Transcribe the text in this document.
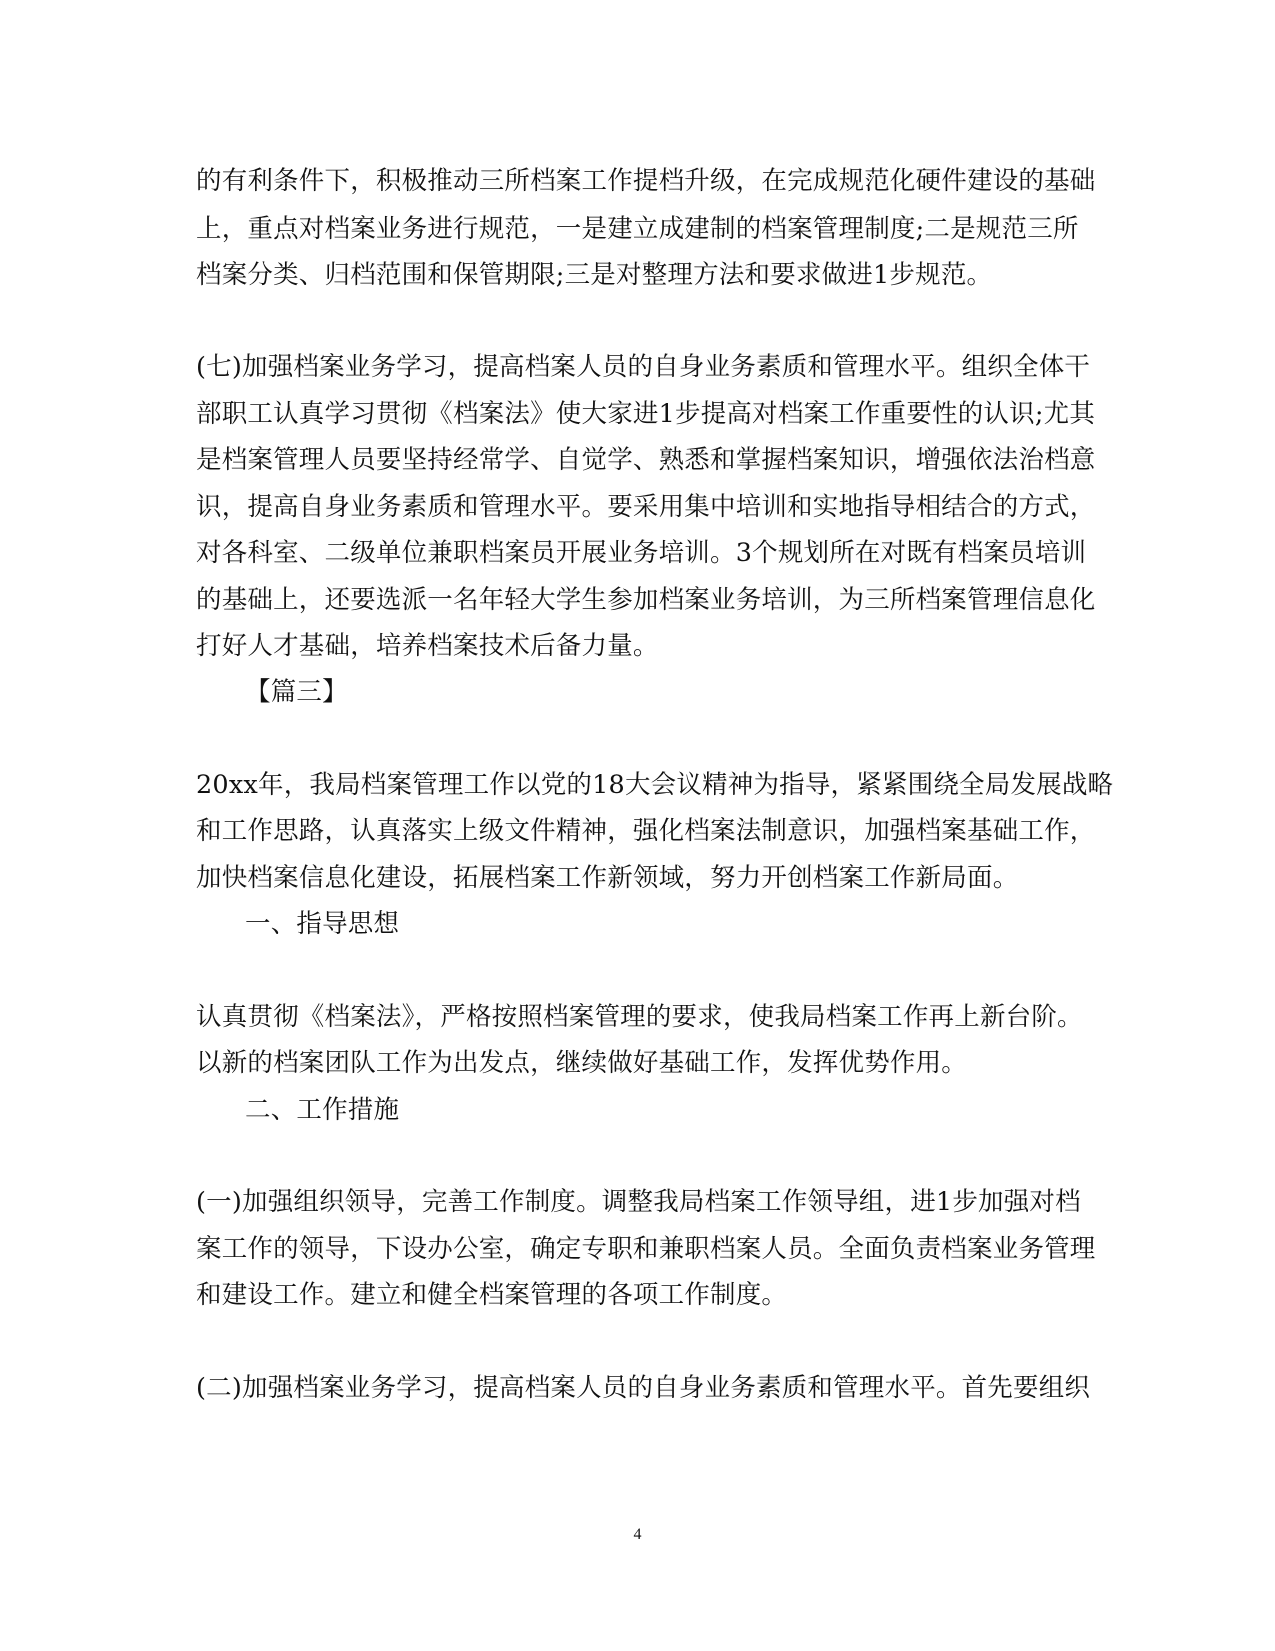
的有利条件下，积极推动三所档案工作提档升级，在完成规范化硬件建设的基础
上，重点对档案业务进行规范，一是建立成建制的档案管理制度;二是规范三所
档案分类、归档范围和保管期限;三是对整理方法和要求做进1步规范。
(七)加强档案业务学习，提高档案人员的自身业务素质和管理水平。组织全体干
部职工认真学习贯彻《档案法》使大家进1步提高对档案工作重要性的认识;尤其
是档案管理人员要坚持经常学、自觉学、熟悉和掌握档案知识，增强依法治档意
识，提高自身业务素质和管理水平。要采用集中培训和实地指导相结合的方式，
对各科室、二级单位兼职档案员开展业务培训。3个规划所在对既有档案员培训
的基础上，还要选派一名年轻大学生参加档案业务培训，为三所档案管理信息化
打好人才基础，培养档案技术后备力量。
【篇三】
20xx年，我局档案管理工作以党的18大会议精神为指导，紧紧围绕全局发展战略
和工作思路，认真落实上级文件精神，强化档案法制意识，加强档案基础工作，
加快档案信息化建设，拓展档案工作新领域，努力开创档案工作新局面。
一、指导思想
认真贯彻《档案法》，严格按照档案管理的要求，使我局档案工作再上新台阶。
以新的档案团队工作为出发点，继续做好基础工作，发挥优势作用。
二、工作措施
(一)加强组织领导，完善工作制度。调整我局档案工作领导组，进1步加强对档
案工作的领导，下设办公室，确定专职和兼职档案人员。全面负责档案业务管理
和建设工作。建立和健全档案管理的各项工作制度。
(二)加强档案业务学习，提高档案人员的自身业务素质和管理水平。首先要组织
4
